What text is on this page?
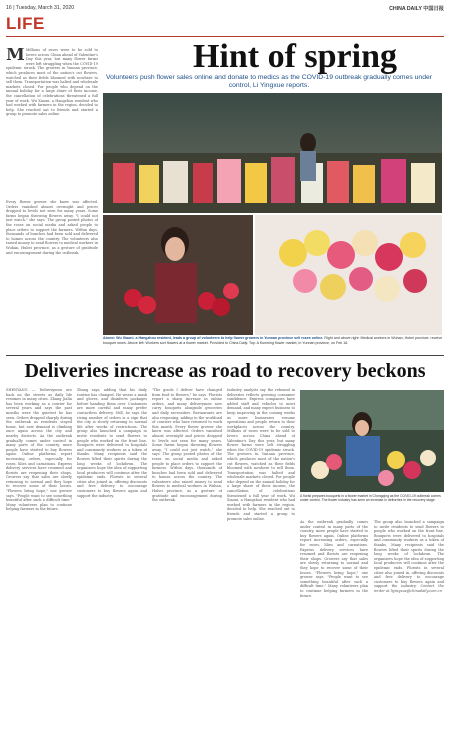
16 | Tuesday, March 31, 2020	CHINA DAILY 中国日报
LIFE
Hint of spring
Volunteers push flower sales online and donate to medics as the COVID-19 outbreak gradually comes under control, Li Yingxue reports.
M Millions of roses were to be sold to lovers across China ahead of Valentine's Day this year, but many flower farms were left struggling when the COVID-19 epidemic struck. The growers in Yunnan province, which produces most of the nation's cut flowers, watched as their fields bloomed with nowhere to sell them. Transportation was halted and wholesale markets closed. For people who depend on the annual holiday for a large share of their income, the cancellation of celebrations threatened a full year of work. Wu Xiaoni, a Hangzhou resident who had worked with farmers in the region, decided to help. She reached out to friends and started a group to promote sales online.
Every flower grower she knew was affected. Orders vanished almost overnight and prices dropped to levels not seen for many years. Some farms began throwing flowers away. "I could not just watch," she says. The group posted photos of the roses on social media and asked people to place orders to support the farmers. Within days, thousands of bunches had been sold and delivered to homes across the country. The volunteers also raised money to send flowers to medical workers in Wuhan, Hubei province, as a gesture of gratitude and encouragement during the outbreak.
Above: Wu Xiaoni, a Hangzhou resident, leads a group of volunteers to help flower growers in Yunnan province sell roses online. Right and above right: Medical workers in Wuhan, Hubei province, receive bouquet roses. Above left: Workers sort flowers at a flower market. Provided to China Daily. Top: A Kunming flower market, in Yunnan province, on Feb 16.
Deliveries increase as road to recovery beckons
SHENYANG — Deliverymen are back on the streets as daily life resumes in many cities. Zhang Jialin has been working as a courier for several years and says the past months were the quietest he has seen. Orders dropped sharply during the outbreak as residents stayed home, but now demand is climbing once again across the city and nearby districts. As the outbreak gradually comes under control in many parts of the country, more people have started to buy flowers again. Online platforms report increasing orders, especially for roses, lilies and carnations. Express delivery services have resumed and florists are reopening their shops. Growers say that sales are slowly returning to normal and they hope to recover some of their losses. "Flowers bring hope," one grower says. "People want to see something beautiful after such a difficult time." Many volunteers plan to continue helping farmers in the future.
Zhang says, adding that his daily routine has changed. He wears a mask and gloves, and disinfects packages before handing them over. Customers are more careful and many prefer contactless delivery. Still, he says the rising number of orders is a sign that the city is slowly returning to normal life after weeks of restrictions. The group also launched a campaign to invite residents to send flowers to people who worked on the front line. Bouquets were delivered to hospitals and community workers as a token of thanks. Many recipients said the flowers lifted their spirits during the long weeks of lockdown. The organizers hope the idea of supporting local producers will continue after the epidemic ends. Florists in several cities also joined in, offering discounts and free delivery to encourage customers to buy flowers again and support the industry.
"The goods I deliver have changed from food to flowers," he says. Florists report a sharp increase in online orders, and many deliverymen now carry bouquets alongside groceries and daily necessities. Restaurants are also reopening, adding to the workload of couriers who have returned to work this month. Every flower grower she knew was affected. Orders vanished almost overnight and prices dropped to levels not seen for many years. Some farms began throwing flowers away. "I could not just watch," she says. The group posted photos of the roses on social media and asked people to place orders to support the farmers. Within days, thousands of bunches had been sold and delivered to homes across the country. The volunteers also raised money to send flowers to medical workers in Wuhan, Hubei province, as a gesture of gratitude and encouragement during the outbreak.
Industry analysts say the rebound in deliveries reflects growing consumer confidence. Express companies have added staff and vehicles to meet demand, and many expect business to keep improving in the coming weeks as more businesses resume operations and people return to their workplaces across the country. Millions of roses were to be sold to lovers across China ahead of Valentine's Day this year, but many flower farms were left struggling when the COVID-19 epidemic struck. The growers in Yunnan province, which produces most of the nation's cut flowers, watched as their fields bloomed with nowhere to sell them. Transportation was halted and wholesale markets closed. For people who depend on the annual holiday for a large share of their income, the cancellation of celebrations threatened a full year of work. Wu Xiaoni, a Hangzhou resident who had worked with farmers in the region, decided to help. She reached out to friends and started a group to promote sales online.
A florist prepares bouquets in a flower market in Chongqing as the COVID-19 outbreak comes under control. The flower industry has seen an increase in deliveries in the recovery stage.
As the outbreak gradually comes under control in many parts of the country, more people have started to buy flowers again. Online platforms report increasing orders, especially for roses, lilies and carnations. Express delivery services have resumed and florists are reopening their shops. Growers say that sales are slowly returning to normal and they hope to recover some of their losses. "Flowers bring hope," one grower says. "People want to see something beautiful after such a difficult time." Many volunteers plan to continue helping farmers in the future.
The group also launched a campaign to invite residents to send flowers to people who worked on the front line. Bouquets were delivered to hospitals and community workers as a token of thanks. Many recipients said the flowers lifted their spirits during the long weeks of lockdown. The organizers hope the idea of supporting local producers will continue after the epidemic ends. Florists in several cities also joined in, offering discounts and free delivery to encourage customers to buy flowers again and support the industry. Contact the writer at liyingxue@chinadaily.com.cn
